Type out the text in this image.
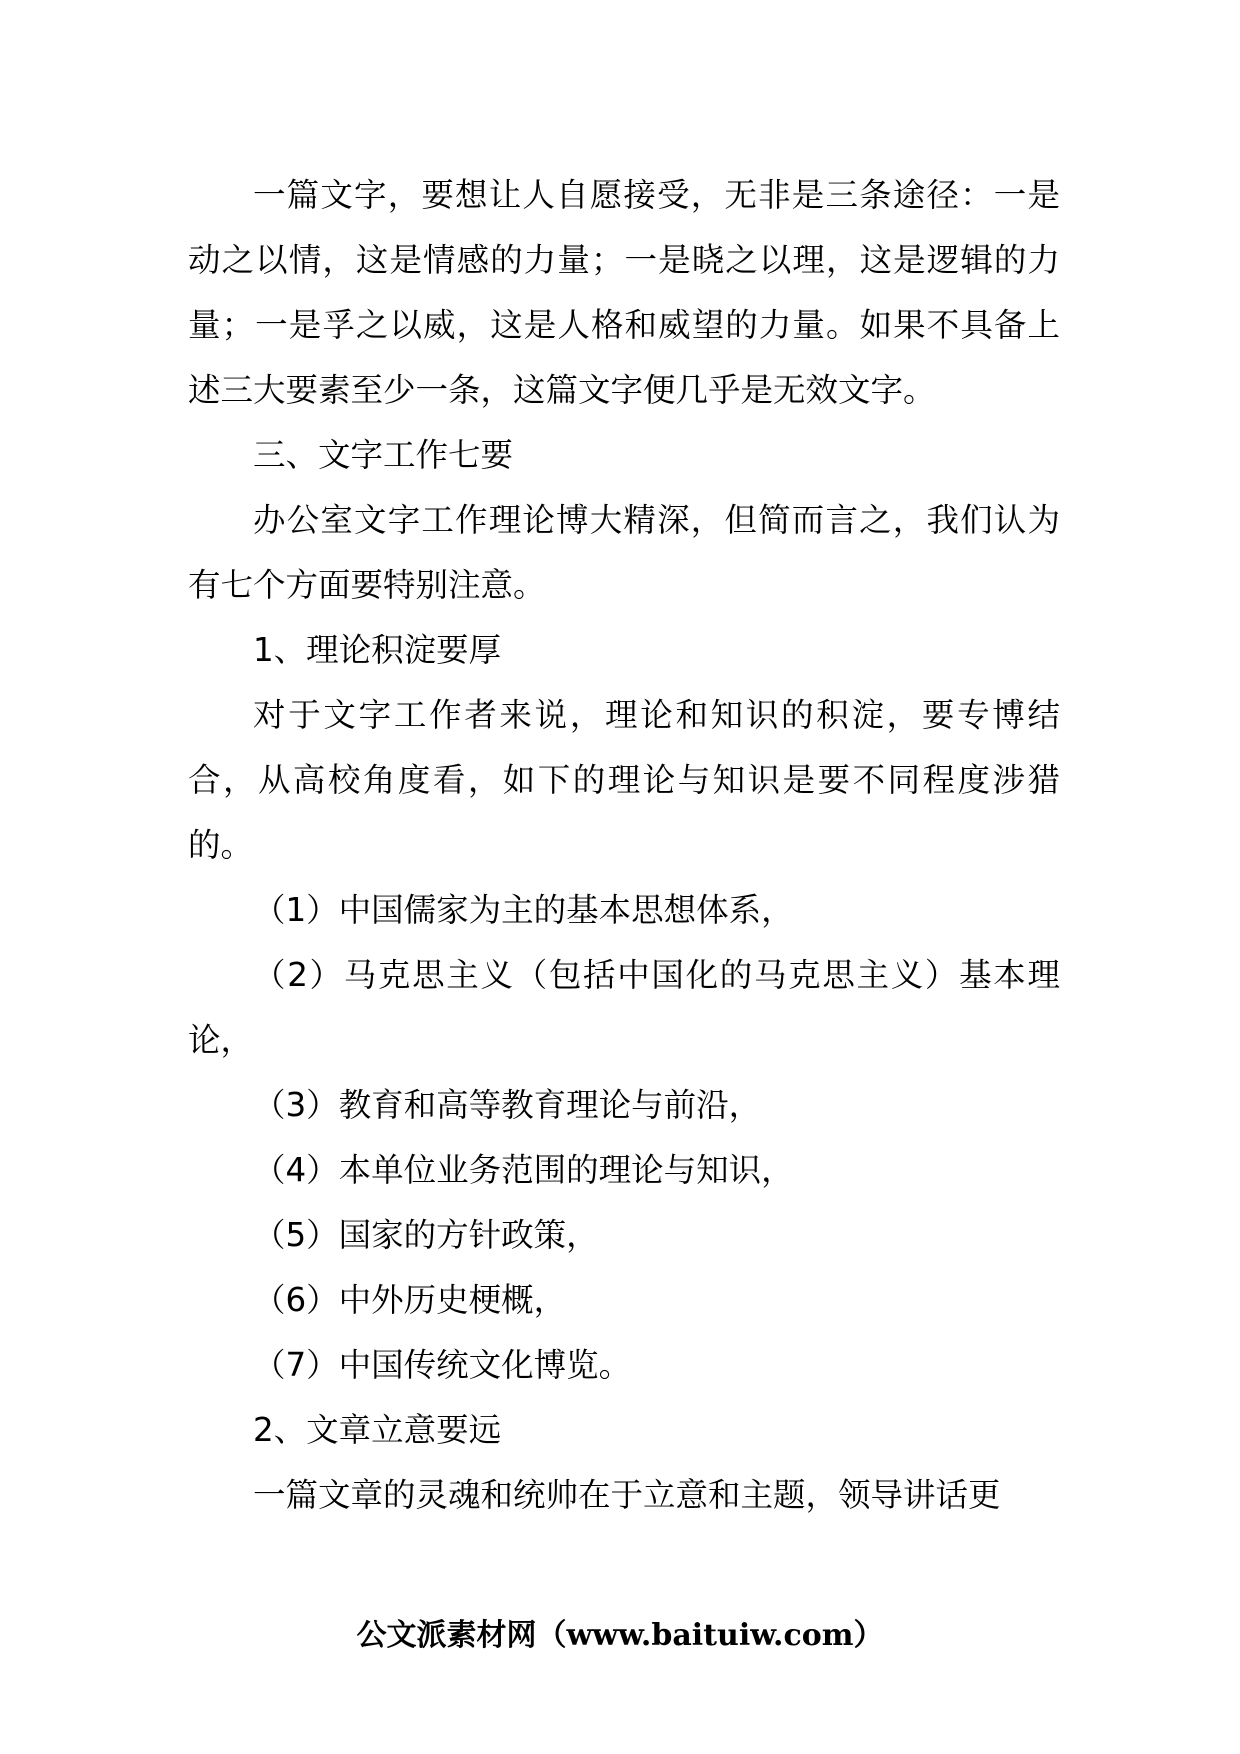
一篇文字，要想让人自愿接受，无非是三条途径：一是动之以情，这是情感的力量；一是晓之以理，这是逻辑的力量；一是孚之以威，这是人格和威望的力量。如果不具备上述三大要素至少一条，这篇文字便几乎是无效文字。

三、文字工作七要

办公室文字工作理论博大精深，但简而言之，我们认为有七个方面要特别注意。

1、理论积淀要厚

对于文字工作者来说，理论和知识的积淀，要专博结合，从高校角度看，如下的理论与知识是要不同程度涉猎的。

（1）中国儒家为主的基本思想体系，

（2）马克思主义（包括中国化的马克思主义）基本理论，

（3）教育和高等教育理论与前沿，

（4）本单位业务范围的理论与知识，

（5）国家的方针政策，

（6）中外历史梗概，

（7）中国传统文化博览。

2、文章立意要远

一篇文章的灵魂和统帅在于立意和主题，领导讲话更

公文派素材网（www.baituiw.com）
